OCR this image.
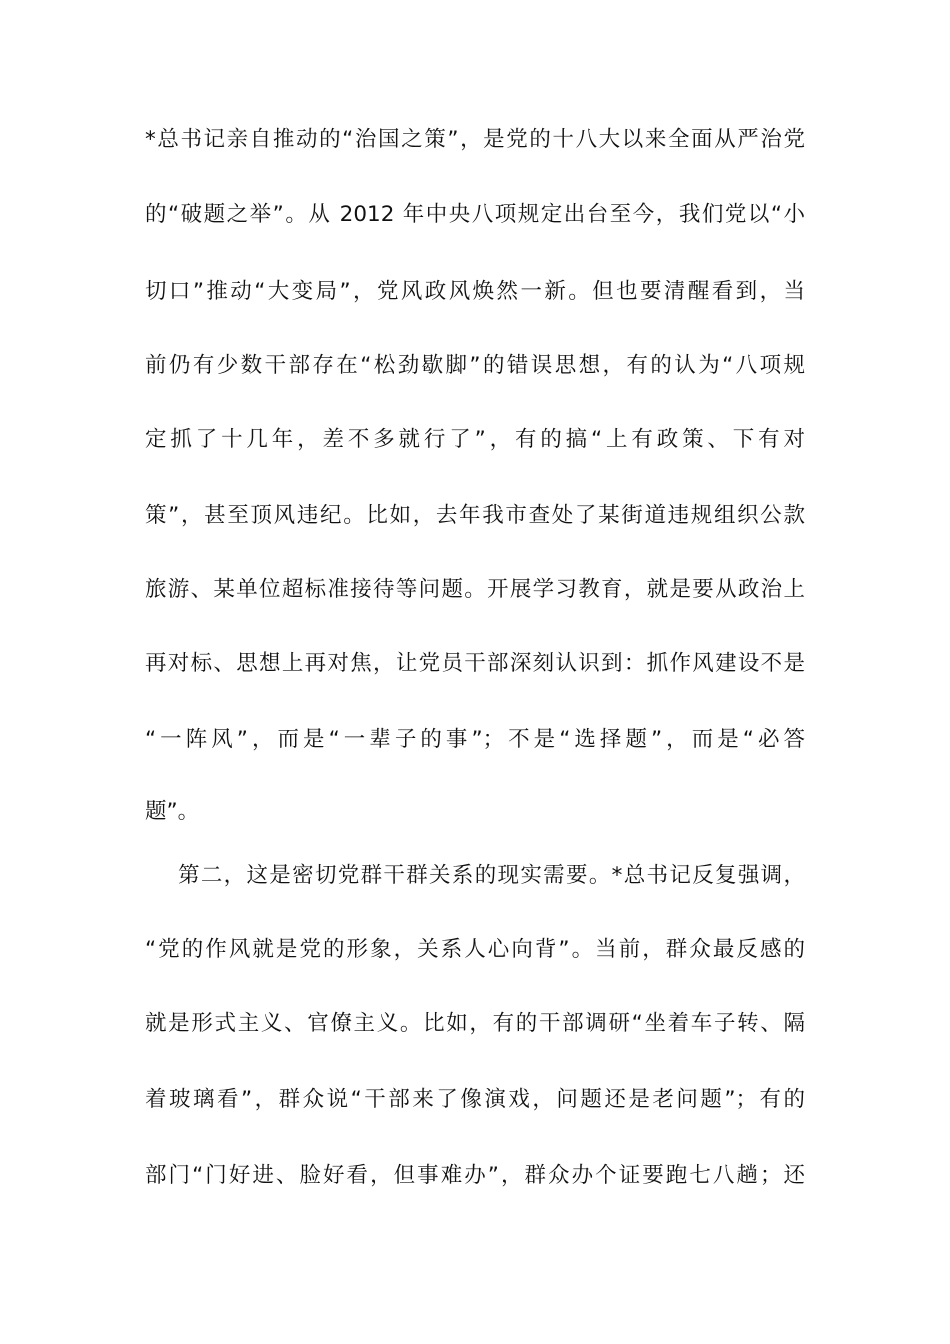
*总书记亲自推动的“治国之策”，是党的十八大以来全面从严治党
的“破题之举”。从 2012 年中央八项规定出台至今，我们党以“小
切口”推动“大变局”，党风政风焕然一新。但也要清醒看到，当
前仍有少数干部存在“松劲歇脚”的错误思想，有的认为“八项规
定抓了十几年，差不多就行了”，有的搞“上有政策、下有对
策”，甚至顶风违纪。比如，去年我市查处了某街道违规组织公款
旅游、某单位超标准接待等问题。开展学习教育，就是要从政治上
再对标、思想上再对焦，让党员干部深刻认识到：抓作风建设不是
“一阵风”，而是“一辈子的事”；不是“选择题”，而是“必答
题”。
第二，这是密切党群干群关系的现实需要。*总书记反复强调，
“党的作风就是党的形象，关系人心向背”。当前，群众最反感的
就是形式主义、官僚主义。比如，有的干部调研“坐着车子转、隔
着玻璃看”，群众说“干部来了像演戏，问题还是老问题”；有的
部门“门好进、脸好看，但事难办”，群众办个证要跑七八趟；还
